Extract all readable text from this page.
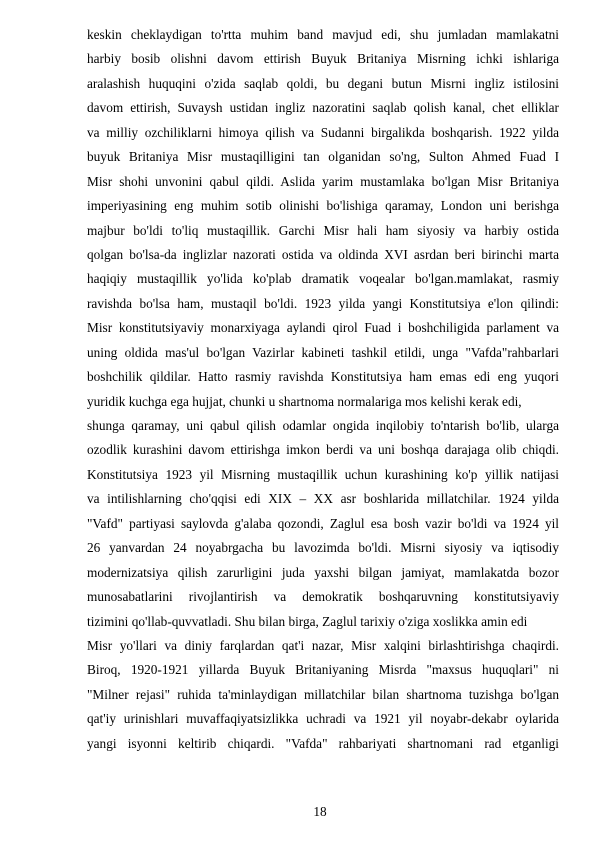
keskin cheklaydigan to'rtta muhim band mavjud edi, shu jumladan mamlakatni
harbiy bosib olishni davom ettirish Buyuk Britaniya Misrning ichki ishlariga
aralashish huquqini o'zida saqlab qoldi, bu degani butun Misrni ingliz istilosini
davom ettirish, Suvaysh ustidan ingliz nazoratini saqlab qolish kanal, chet elliklar
va milliy ozchiliklarni himoya qilish va Sudanni birgalikda boshqarish. 1922 yilda
buyuk Britaniya Misr mustaqilligini tan olganidan so'ng, Sulton Ahmed Fuad I
Misr shohi unvonini qabul qildi. Aslida yarim mustamlaka bo'lgan Misr Britaniya
imperiyasining eng muhim sotib olinishi bo'lishiga qaramay, London uni berishga
majbur bo'ldi to'liq mustaqillik. Garchi Misr hali ham siyosiy va harbiy ostida
qolgan bo'lsa-da inglizlar nazorati ostida va oldinda XVI asrdan beri birinchi marta
haqiqiy mustaqillik yo'lida ko'plab dramatik voqealar bo'lgan.mamlakat, rasmiy
ravishda bo'lsa ham, mustaqil bo'ldi. 1923 yilda yangi Konstitutsiya e'lon qilindi:
Misr konstitutsiyaviy monarxiyaga aylandi qirol Fuad i boshchiligida parlament va
uning oldida mas'ul bo'lgan Vazirlar kabineti tashkil etildi, unga "Vafda"rahbarlari
boshchilik qildilar. Hatto rasmiy ravishda Konstitutsiya ham emas edi eng yuqori
yuridik kuchga ega hujjat, chunki u shartnoma normalariga mos kelishi kerak edi,
shunga qaramay, uni qabul qilish odamlar ongida inqilobiy to'ntarish bo'lib, ularga
ozodlik kurashini davom ettirishga imkon berdi va uni boshqa darajaga olib chiqdi.
Konstitutsiya 1923 yil Misrning mustaqillik uchun kurashining ko'p yillik natijasi
va intilishlarning cho'qqisi edi XIX – XX asr boshlarida millatchilar. 1924 yilda
"Vafd" partiyasi saylovda g'alaba qozondi, Zaglul esa bosh vazir bo'ldi va 1924 yil
26 yanvardan 24 noyabrgacha bu lavozimda bo'ldi. Misrni siyosiy va iqtisodiy
modernizatsiya qilish zarurligini juda yaxshi bilgan jamiyat, mamlakatda bozor
munosabatlarini rivojlantirish va demokratik boshqaruvning konstitutsiyaviy
tizimini qo'llab-quvvatladi. Shu bilan birga, Zaglul tarixiy o'ziga xoslikka amin edi
Misr yo'llari va diniy farqlardan qat'i nazar, Misr xalqini birlashtirishga chaqirdi.
Biroq, 1920-1921 yillarda Buyuk Britaniyaning Misrda "maxsus huquqlari" ni
"Milner rejasi" ruhida ta'minlaydigan millatchilar bilan shartnoma tuzishga bo'lgan
qat'iy urinishlari muvaffaqiyatsizlikka uchradi va 1921 yil noyabr-dekabr oylarida
yangi isyonni keltirib chiqardi. "Vafda" rahbariyati shartnomani rad etganligi
18
